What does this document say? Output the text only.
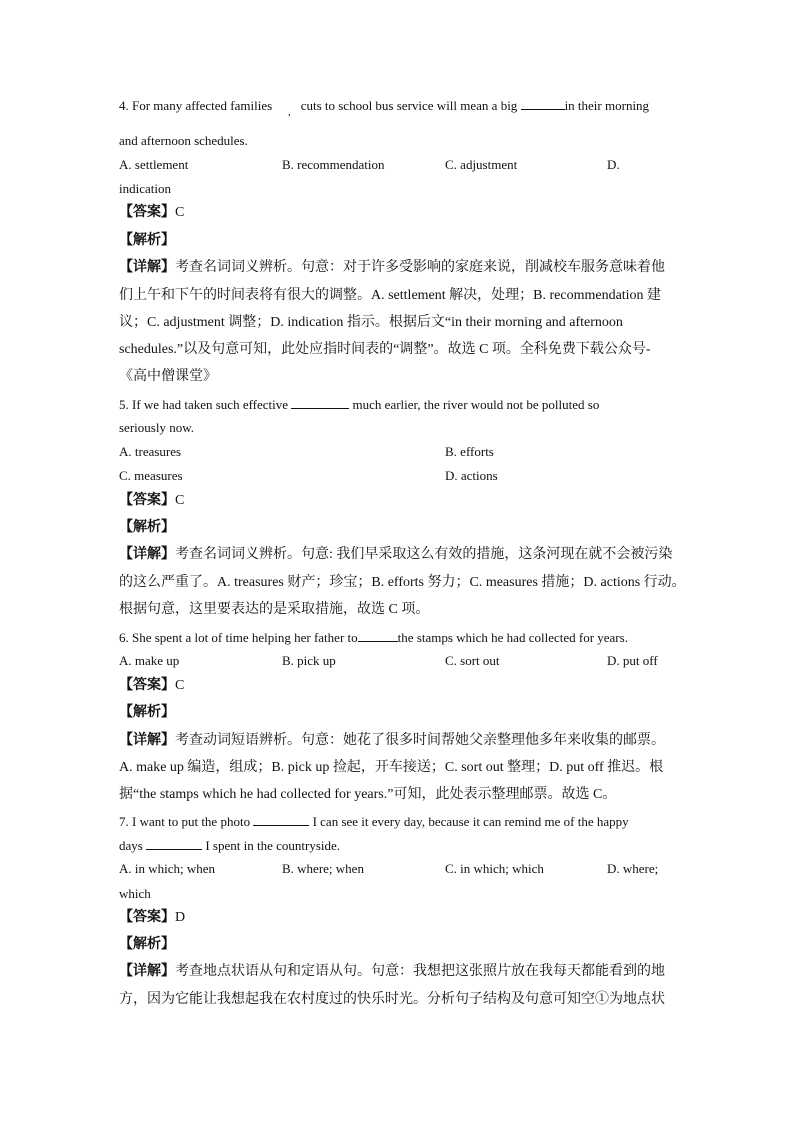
4. For many affected families cuts to school bus service will mean a big	in their morning
,
and afternoon schedules.
A. settlement	B. recommendation	C. adjustment	D.
indication
【答案】C
【解析】
【详解】考查名词词义辨析。句意：对于许多受影响的家庭来说，削减校车服务意味着他
们上午和下午的时间表将有很大的调整。A. settlement 解决，处理；B. recommendation 建
议；C. adjustment 调整；D. indication 指示。根据后文“in their morning and afternoon
schedules.”以及句意可知，此处应指时间表的“调整”。故选 C 项。全科免费下载公众号-
《高中僧课堂》
5. If we had taken such effective	much earlier, the river would not be polluted so
seriously now.
A. treasures	B. efforts
C. measures	D. actions
【答案】C
【解析】
【详解】考查名词词义辨析。句意: 我们早采取这么有效的措施，这条河现在就不会被污染
的这么严重了。A. treasures 财产；珍宝；B. efforts 努力；C. measures 措施；D. actions 行动。
根据句意，这里要表达的是采取措施，故选 C 项。
6. She spent a lot of time helping her father to	the stamps which he had collected for years.
A. make up	B. pick up	C. sort out	D. put off
【答案】C
【解析】
【详解】考查动词短语辨析。句意：她花了很多时间帮她父亲整理他多年来收集的邮票。
A. make up 编造，组成；B. pick up 捡起，开车接送；C. sort out 整理；D. put off 推迟。根
据“the stamps which he had collected for years.”可知，此处表示整理邮票。故选 C。
7. I want to put the photo	I can see it every day, because it can remind me of the happy
days	I spent in the countryside.
A. in which; when	B. where; when	C. in which; which	D. where;
which
【答案】D
【解析】
【详解】考查地点状语从句和定语从句。句意：我想把这张照片放在我每天都能看到的地
方，因为它能让我想起我在农村度过的快乐时光。分析句子结构及句意可知空①为地点状
